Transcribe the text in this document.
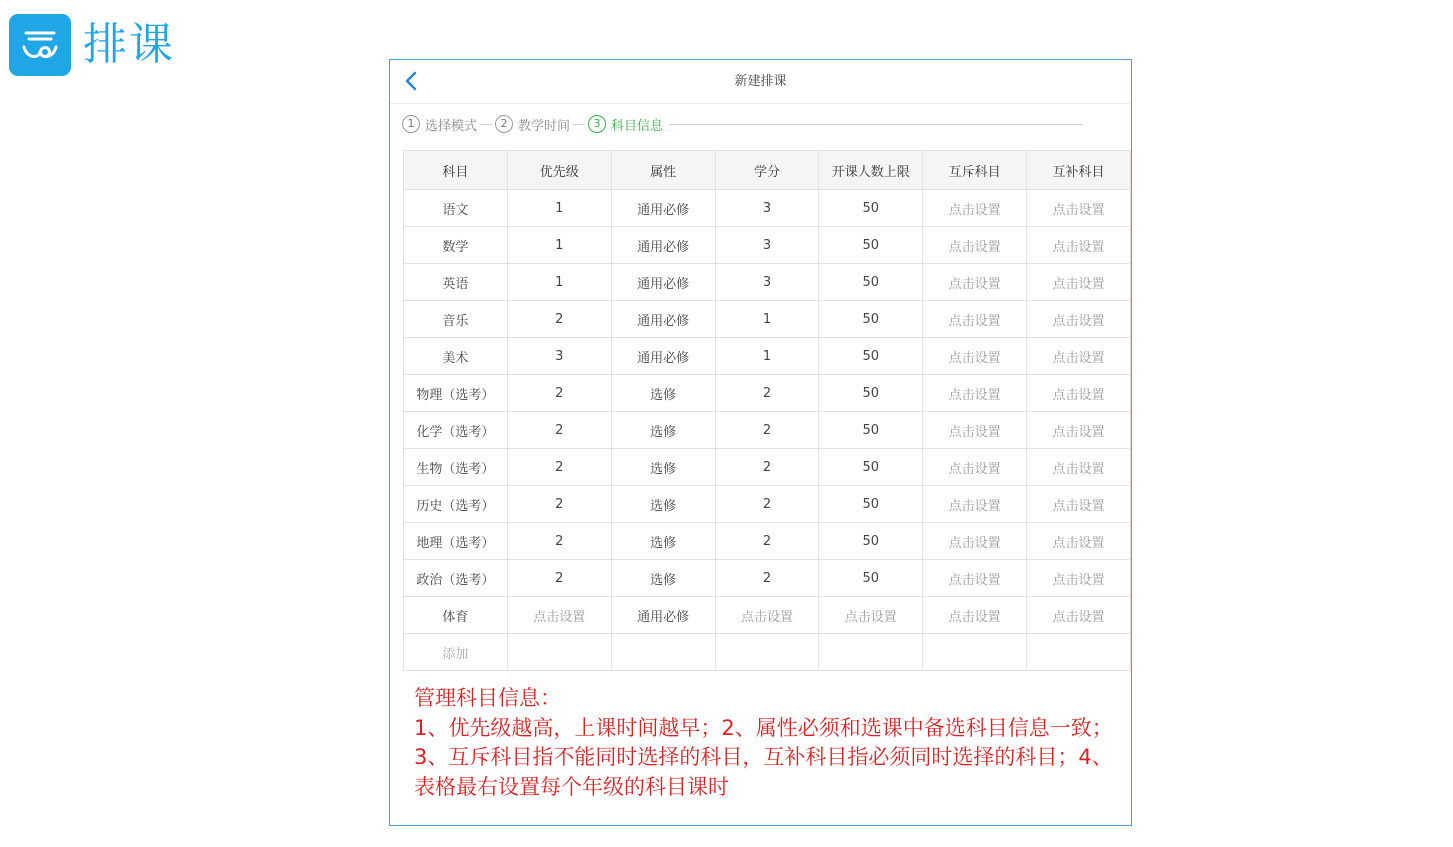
排课
新建排课
1 选择模式	2 教学时间	3 科目信息
科目	优先级	属性	学分	开课人数上限	互斥科目	互补科目
语文	1	通用必修	3	50	点击设置	点击设置
数学	1	通用必修	3	50	点击设置	点击设置
英语	1	通用必修	3	50	点击设置	点击设置
音乐	2	通用必修	1	50	点击设置	点击设置
美术	3	通用必修	1	50	点击设置	点击设置
物理（选考）	2	选修	2	50	点击设置	点击设置
化学（选考）	2	选修	2	50	点击设置	点击设置
生物（选考）	2	选修	2	50	点击设置	点击设置
历史（选考）	2	选修	2	50	点击设置	点击设置
地理（选考）	2	选修	2	50	点击设置	点击设置
政治（选考）	2	选修	2	50	点击设置	点击设置
体育	点击设置	通用必修	点击设置	点击设置	点击设置	点击设置
添加						
管理科目信息：
1、优先级越高，上课时间越早；2、属性必须和选课中备选科目信息一致；3、互斥科目指不能同时选择的科目，互补科目指必须同时选择的科目；4、表格最右设置每个年级的科目课时
